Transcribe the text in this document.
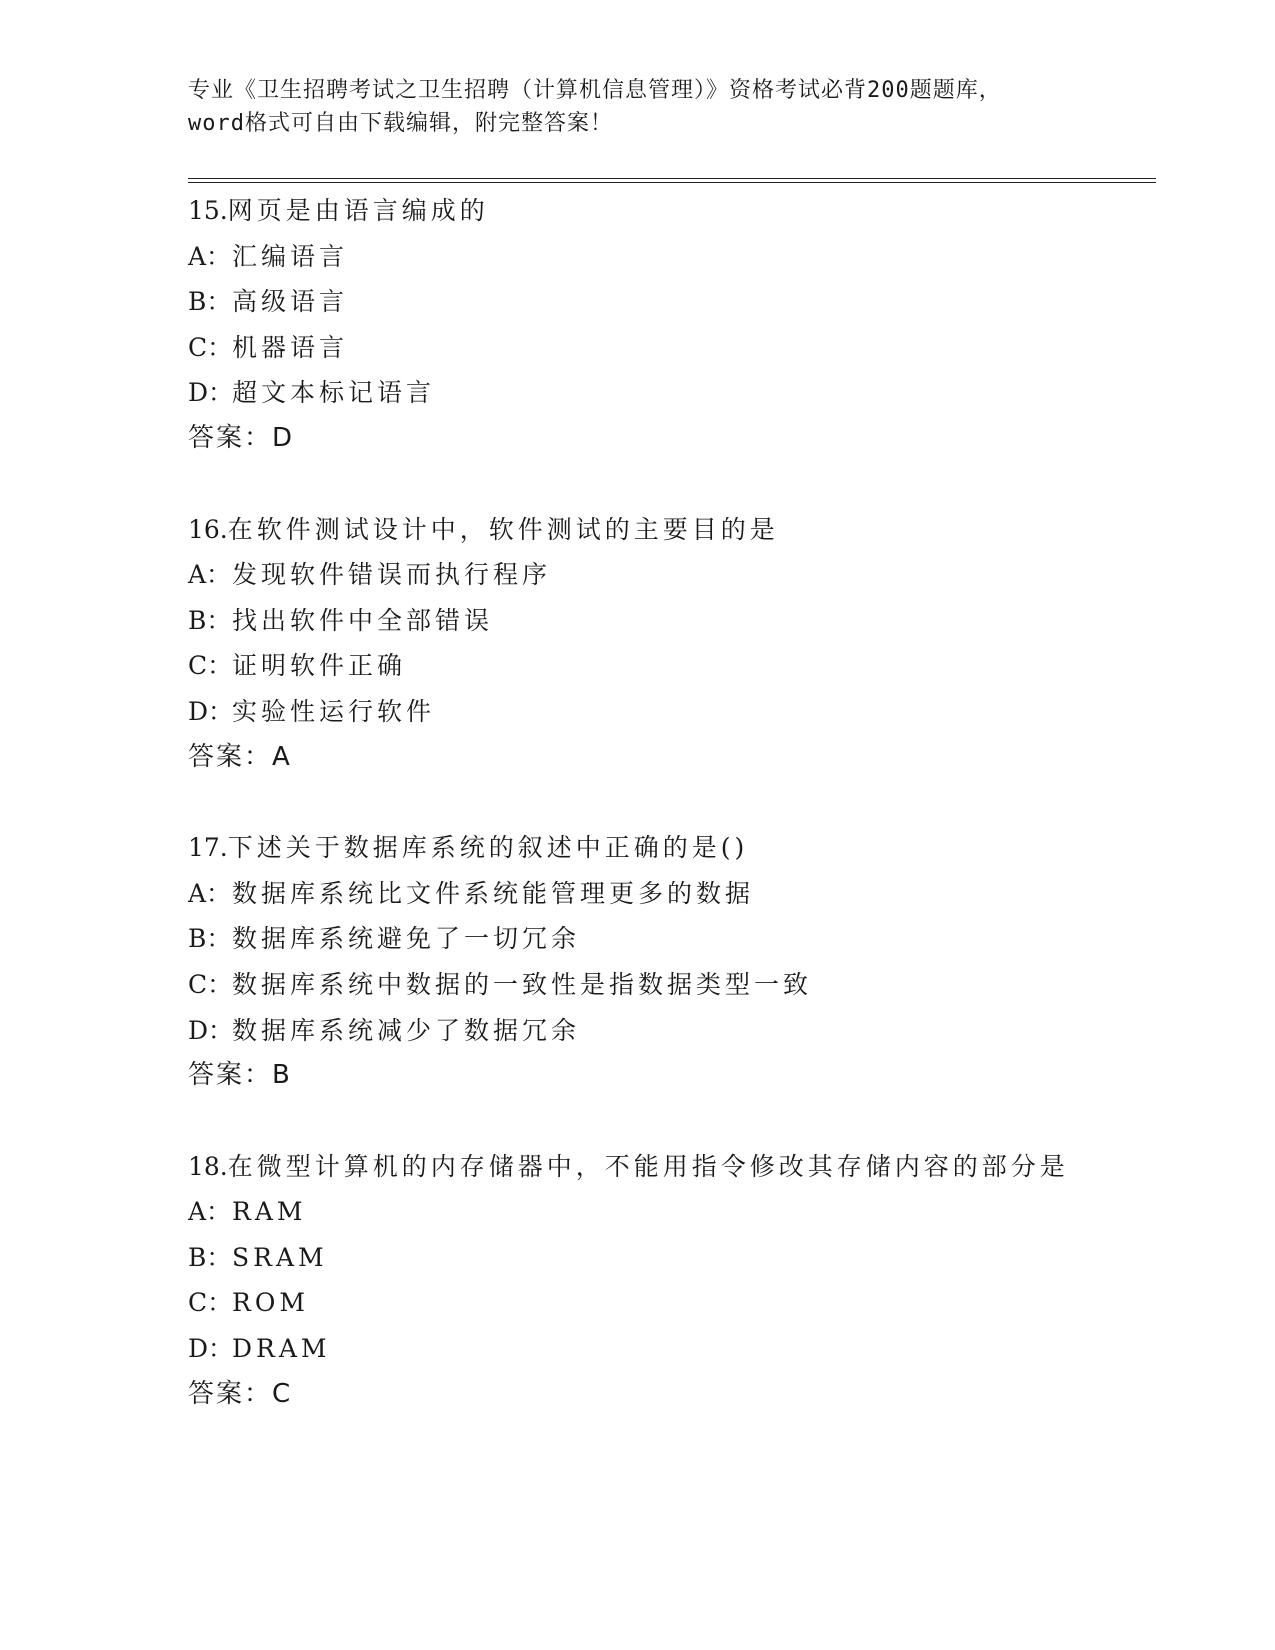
专业《卫生招聘考试之卫生招聘（计算机信息管理）》资格考试必背200题题库，
word格式可自由下载编辑，附完整答案！
15.网页是由语言编成的
A：汇编语言
B：高级语言
C：机器语言
D：超文本标记语言
答案：D
16.在软件测试设计中，软件测试的主要目的是
A：发现软件错误而执行程序
B：找出软件中全部错误
C：证明软件正确
D：实验性运行软件
答案：A
17.下述关于数据库系统的叙述中正确的是()
A：数据库系统比文件系统能管理更多的数据
B：数据库系统避免了一切冗余
C：数据库系统中数据的一致性是指数据类型一致
D：数据库系统减少了数据冗余
答案：B
18.在微型计算机的内存储器中，不能用指令修改其存储内容的部分是
A：RAM
B：SRAM
C：ROM
D：DRAM
答案：C
